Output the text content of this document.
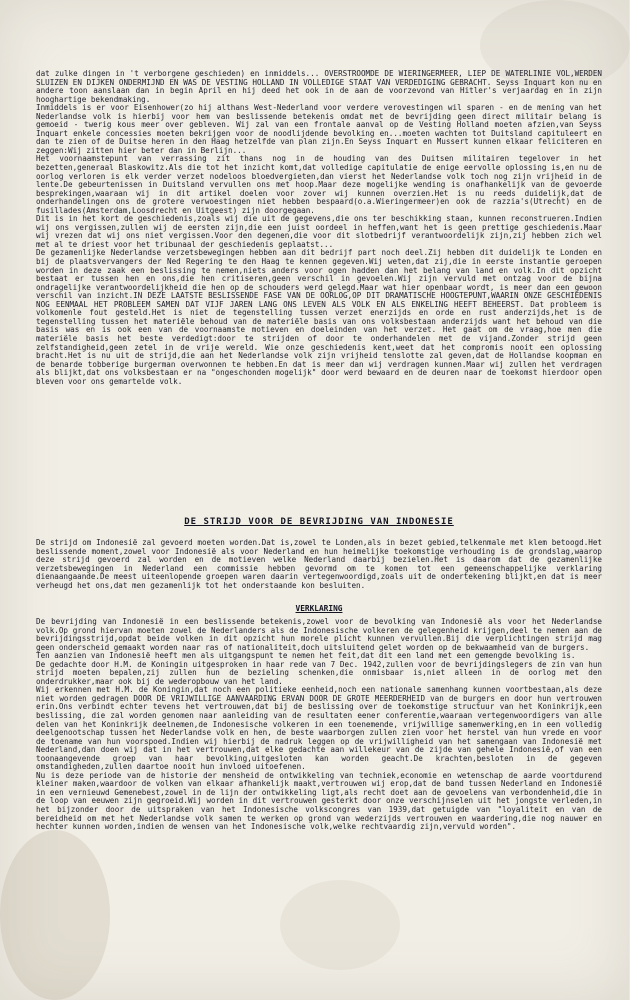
dat zulke dingen in 't verborgene geschieden) en inmiddels... OVERSTROOMDE DE WIERINGERMEER, LIEP DE WATERLINIE VOL,WERDEN SLUIZEN EN DIJKEN ONDERMIJND EN WAS DE VESTING HOLLAND IN VOLLEDIGE STAAT VAN VERDEDIGING GEBRACHT. Seyss Inquart kon nu en andere toon aanslaan dan in begin April en hij deed het ook in de aan de voorzevond van Hitler's verjaardag en in zijn hooghartige bekendmaking.
Inmiddels is er voor Eisenhower(zo hij althans West-Nederland voor verdere verovestingen wil sparen - en de mening van het Nederlandse volk is hierbij voor hem van beslissende betekenis omdat met de bevrijding geen direct militair belang is gemoeid - twerig kous meer over gebleven. Wij zal van een frontale aanval op de Vesting Holland moeten afzien,van Seyss Inquart enkele concessies moeten bekrijgen voor de noodlijdende bevolking en...moeten wachten tot Duitsland capituleert en dan te zien of de Duitse heren in den Haag hetzelfde van plan zijn.En Seyss Inquart en Mussert kunnen elkaar feliciteren en zeggen:Wij zitten hier beter dan in Berlijn...
Het voornaamstepunt van verrassing zit thans nog in de houding van des Duitsen militairen tegelover in het bezetten,generaal Blaskowitz.Als die tot het inzicht komt,dat volledige capitulatie de enige eervolle oplossing is,en nu de oorlog verloren is elk verder verzet nodeloos bloedvergieten,dan vierst het Nederlandse volk toch nog zijn vrijheid in de lente.De gebeurtenissen in Duitsland vervullen ons met hoop.Maar deze mogelijke wending is onafhankelijk van de gevoerde besprekingen,waaraan wij in dit artikel doelen voor zover wij kunnen overzien.Het is nu reeds duidelijk,dat de onderhandelingen ons de grotere verwoestingen niet hebben bespaard(o.a.Wieringermeer)en ook de razzia's(Utrecht) en de fusillades(Amsterdam,Loosdrecht en Uitgeest) zijn doorgegaan.
Dit is in het kort de geschiedenis,zoals wij die uit de gegevens,die ons ter beschikking staan, kunnen reconstrueren.Indien wij ons vergissen,zullen wij de eersten zijn,die een juist oordeel in heffen,want het is geen prettige geschiedenis.Maar wij vrezen dat wij ons niet vergissen.Voor den degenen,die voor dit slotbedrijf verantwoordelijk zijn,zij hebben zich wel met al te driest voor het tribunaal der geschiedenis geplaatst...
De gezamenlijke Nederlandse verzetsbewegingen hebben aan dit bedrijf part noch deel.Zij hebben dit duidelijk te Londen en bij de plaatsvervangers der Ned Regering te den Haag te kennen gegeven.Wij weten,dat zij,die in eerste instantie geroepen worden in deze zaak een beslissing te nemen,niets anders voor ogen hadden dan het belang van land en volk.In dit opzicht bestaat er tussen hen en ons,die hen critiseren,geen verschil in gevoelen.Wij zijn vervuld met ontzag voor de bijna ondragelijke verantwoordelijkheid die hen op de schouders werd gelegd.Maar wat hier openbaar wordt, is meer dan een gewoon verschil van inzicht.IN DEZE LAATSTE BESLISSENDE FASE VAN DE OORLOG,OP DIT DRAMATISCHE HOOGTEPUNT,WAARIN ONZE GESCHIEDENIS NOG EENMAAL HET PROBLEEM SAMEN DAT VIJF JAREN LANG ONS LEVEN ALS VOLK EN ALS ENKELING HEEFT BEHEERST. Dat probleem is volkomenle fout gesteld.Het is niet de tegenstelling tussen verzet enerzijds en orde en rust anderzijds,het is de tegenstelling tussen het materiële behoud van de materiële basis van ons volksbestaan anderzijds want het behoud van die basis was en is ook een van de voornaamste motieven en doeleinden van het verzet. Het gaat om de vraag,hoe men die materiële basis het beste verdedigt:door te strijden of door te onderhandelen met de vijand.Zonder strijd geen zelfstandigheid,geen zetel in de vrije wereld. Wie onze geschiedenis kent,weet dat het compromis nooit een oplossing bracht.Het is nu uit de strijd,die aan het Nederlandse volk zijn vrijheid tenslotte zal geven,dat de Hollandse koopman en de benarde tobberige burgerman overwonnen te hebben.En dat is meer dan wij verdragen kunnen.Maar wij zullen het verdragen als blijkt,dat ons volksbestaan er na "ongeschonden mogelijk" door werd bewaard en de deuren naar de toekomst hierdoor open bleven voor ons gemartelde volk.
DE STRIJD VOOR DE BEVRIJDING VAN INDONESIE
De strijd om Indonesië zal gevoerd moeten worden.Dat is,zowel te Londen,als in bezet gebied,telkenmale met klem betoogd.Het beslissende moment,zowel voor Indonesië als voor Nederland en hun heimelijke toekomstige verhouding is de grondslag,waarop deze strijd gevoerd zal worden en de motieven welke Nederland daarbij bezielen.Het is daarom dat de gezamenlijke verzetsbewegingen in Nederland een commissie hebben gevormd om te komen tot een gemeenschappelijke verklaring dienaangaande.De meest uiteenlopende groepen waren daarin vertegenwoordigd,zoals uit de ondertekening blijkt,en dat is meer verheugd het ons,dat men gezamenlijk tot het onderstaande kon besluiten.
VERKLARING
De bevrijding van Indonesië in een beslissende betekenis,zowel voor de bevolking van Indonesië als voor het Nederlandse volk.Op grond hiervan moeten zowel de Nederlanders als de Indonesische volkeren de gelegenheid krijgen,deel te nemen aan de bevrijdingsstrijd,opdat beide volken in dit opzicht hun morele plicht kunnen vervullen.Bij die verplichtingen strijd mag geen onderscheid gemaakt worden naar ras of nationaliteit,doch uitsluitend gelet worden op de bekwaamheid van de burgers.
Ten aanzien van Indonesië heeft men als uitgangspunt te nemen het feit,dat dit een land met een gemengde bevolking is.
De gedachte door H.M. de Koningin uitgesproken in haar rede van 7 Dec. 1942,zullen voor de bevrijdingslegers de zin van hun strijd moeten bepalen,zij zullen hun de bezieling schenken,die onmisbaar is,niet alleen in de oorlog met den onderdrukker,maar ook bij de wederopbouw van het land.
Wij erkennen met H.M. de Koningin,dat noch een politieke eenheid,noch een nationale samenhang kunnen voortbestaan,als deze niet worden gedragen DOOR DE VRIJWILLIGE AANVAARDING ERVAN DOOR DE GROTE MEERDERHEID van de burgers en door hun vertrouwen erin.Ons verbindt echter tevens het vertrouwen,dat bij de beslissing over de toekomstige structuur van het Koninkrijk,een beslissing, die zal worden genomen naar aanleiding van de resultaten eener conferentie,waaraan vertegenwoordigers van alle delen van het Koninkrijk deelnemen,de Indonesische volkeren in een toenemende, vrijwillige samenwerking,en in een volledig deelgenootschap tussen het Nederlandse volk en hen, de beste waarborgen zullen zien voor het herstel van hun vrede en voor de toename van hun voorspoed.Indien wij hierbij de nadruk leggen op de vrijwilligheid van het samengaan van Indonesië met Nederland,dan doen wij dat in het vertrouwen,dat elke gedachte aan willekeur van de zijde van gehele Indonesië,of van een toonaangevende groep van haar bevolking,uitgesloten kan worden geacht.De krachten,besloten in de gegeven omstandigheden,zullen daartoe nooit hun invloed uitoefenen.
Nu is deze periode van de historie der mensheid de ontwikkeling van techniek,economie en wetenschap de aarde voortdurend kleiner maken,waardoor de volken van elkaar afhankelijk maakt,vertrouwen wij erop,dat de band tussen Nederland en Indonesië in een vernieuwd Gemenebest,zowel in de lijn der ontwikkeling ligt,als recht doet aan de gevoelens van verbondenheid,die in de loop van eeuwen zijn gegroeid.Wij worden in dit vertrouwen gesterkt door onze verschijnselen uit het jongste verleden,in het bijzonder door de uitspraken van het Indonesische volkscongres van 1939,dat getuigde van "loyaliteit en van de bereidheid om met het Nederlandse volk samen te werken op grond van wederzijds vertrouwen en waardering,die nog nauwer en hechter kunnen worden,indien de wensen van het Indonesische volk,welke rechtvaardig zijn,vervuld worden".
